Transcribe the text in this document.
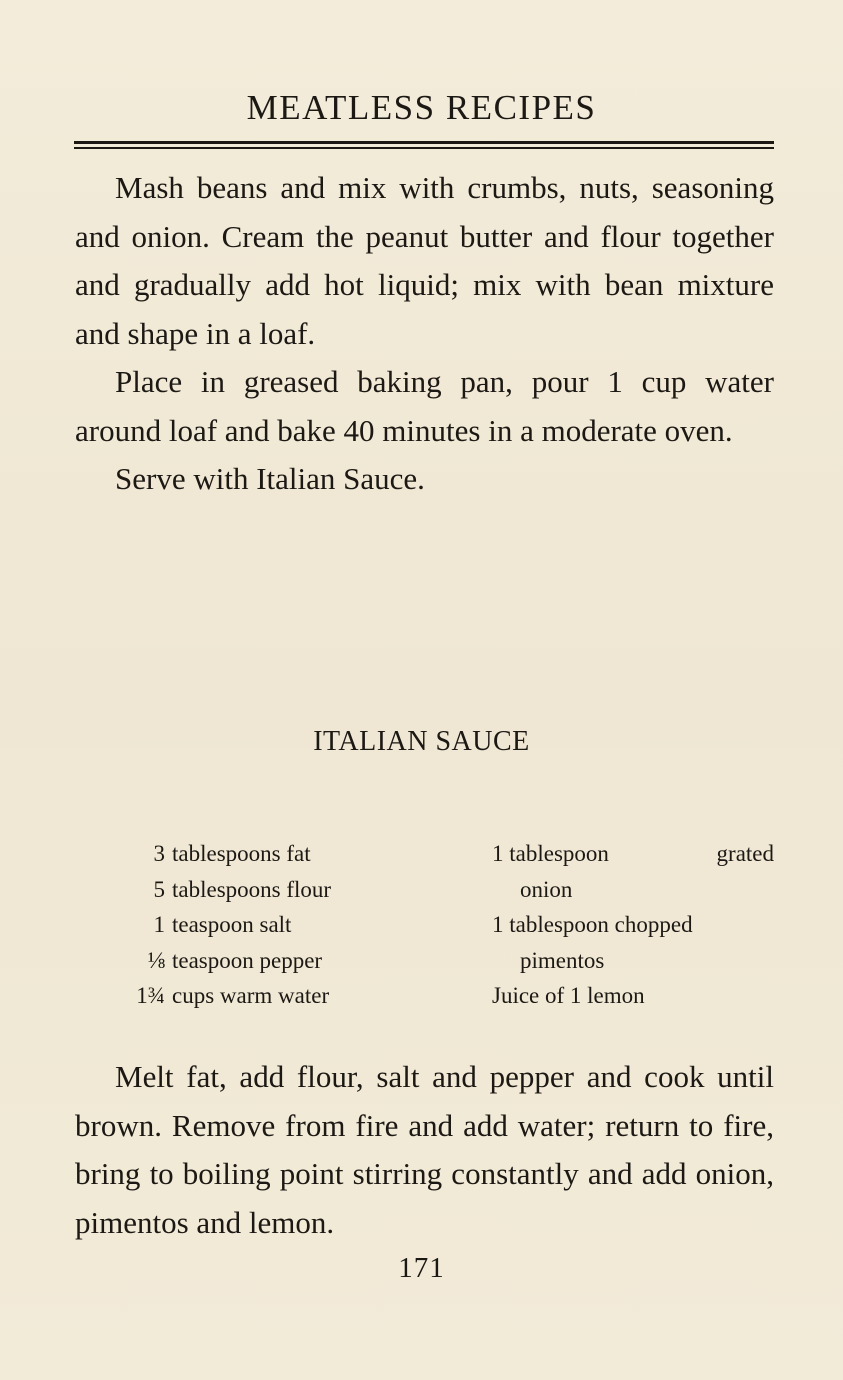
MEATLESS RECIPES

Mash beans and mix with crumbs, nuts, seasoning and onion. Cream the peanut butter and flour together and gradually add hot liquid; mix with bean mixture and shape in a loaf.

Place in greased baking pan, pour 1 cup water around loaf and bake 40 minutes in a moderate oven.

Serve with Italian Sauce.

ITALIAN SAUCE
3 tablespoons fat
5 tablespoons flour
1 teaspoon salt
⅛ teaspoon pepper
1¾ cups warm water
1 tablespoon	grated
onion
1 tablespoon chopped
pimentos
Juice of 1 lemon

Melt fat, add flour, salt and pepper and cook until brown. Remove from fire and add water; return to fire, bring to boiling point stirring constantly and add onion, pimentos and lemon.

171
